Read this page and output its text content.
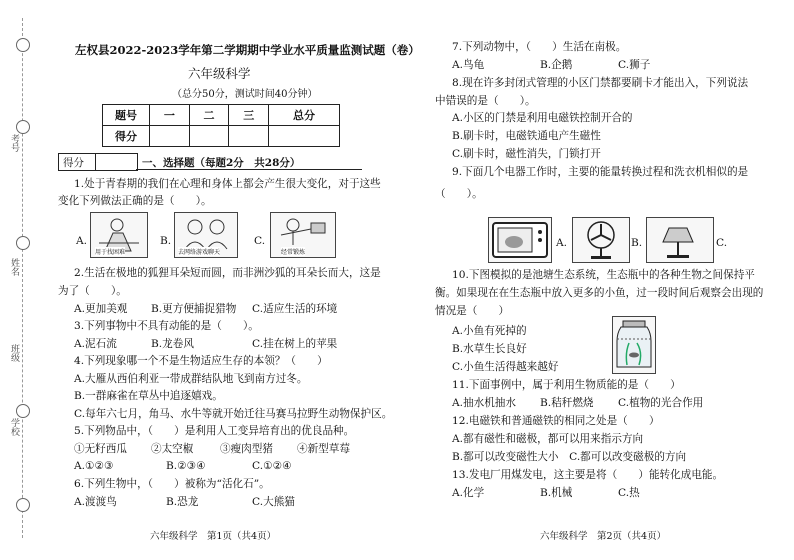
考号
姓名
班级
学校
左权县2022-2023学年第二学期期中学业水平质量监测试题（卷）
六年级科学
（总分50分，测试时间40分钟）
题号	一	二	三	总分
得分				
得分	一、选择题（每题2分　共28分）
1.处于青春期的我们在心理和身体上都会产生很大变化，对于这些
变化下列做法正确的是（　　）。
A.
用于找困难
B.
去网络游戏聊天
C.
经常锻炼
2.生活在极地的狐狸耳朵短而圆，而非洲沙狐的耳朵长而大，这是
为了（　　）。
A.更加美观 B.更方便捕捉猎物 C.适应生活的环境
3.下列事物中不具有动能的是（　　）。
A.泥石流	B.龙卷风	C.挂在树上的苹果
4.下列现象哪一个不是生物适应生存的本领？（　　）
A.大雁从西伯利亚一带成群结队地飞到南方过冬。
B.一群麻雀在草丛中追逐嬉戏。
C.每年六七月，角马、水牛等就开始迁往马赛马拉野生动物保护区。
5.下列物品中，（　　）是利用人工变异培育出的优良品种。
①无籽西瓜 ②太空椒	③瘦肉型猪 ④新型草莓
A.①②③	B.②③④	C.①②④
6.下列生物中，（　　）被称为“活化石”。
A.渡渡鸟	B.恐龙	C.大熊猫
六年级科学　第1页（共4页）
7.下列动物中，（　　）生活在南极。
A.鸟龟	B.企鹅	C.狮子
8.现在许多封闭式管理的小区门禁都要刷卡才能出入，下列说法
中错误的是（　　）。
A.小区的门禁是利用电磁铁控制开合的
B.刷卡时，电磁铁通电产生磁性
C.刷卡时，磁性消失，门锁打开
9.下面几个电器工作时，主要的能量转换过程和洗衣机相似的是
（　　）。
A.	B.	C.
10.下图模拟的是池塘生态系统，生态瓶中的各种生物之间保持平
衡。如果现在在生态瓶中放入更多的小鱼，过一段时间后观察会出现的
情况是（　　）
A.小鱼有死掉的
B.水草生长良好
C.小鱼生活得越来越好
11.下面事例中，属于利用生物质能的是（　　）
A.抽水机抽水 B.秸秆燃烧 C.植物的光合作用
12.电磁铁和普通磁铁的相同之处是（　　）
A.都有磁性和磁极，都可以用来指示方向
B.都可以改变磁性大小　C.都可以改变磁极的方向
13.发电厂用煤发电，这主要是将（　　）能转化成电能。
A.化学	B.机械	C.热
六年级科学　第2页（共4页）
